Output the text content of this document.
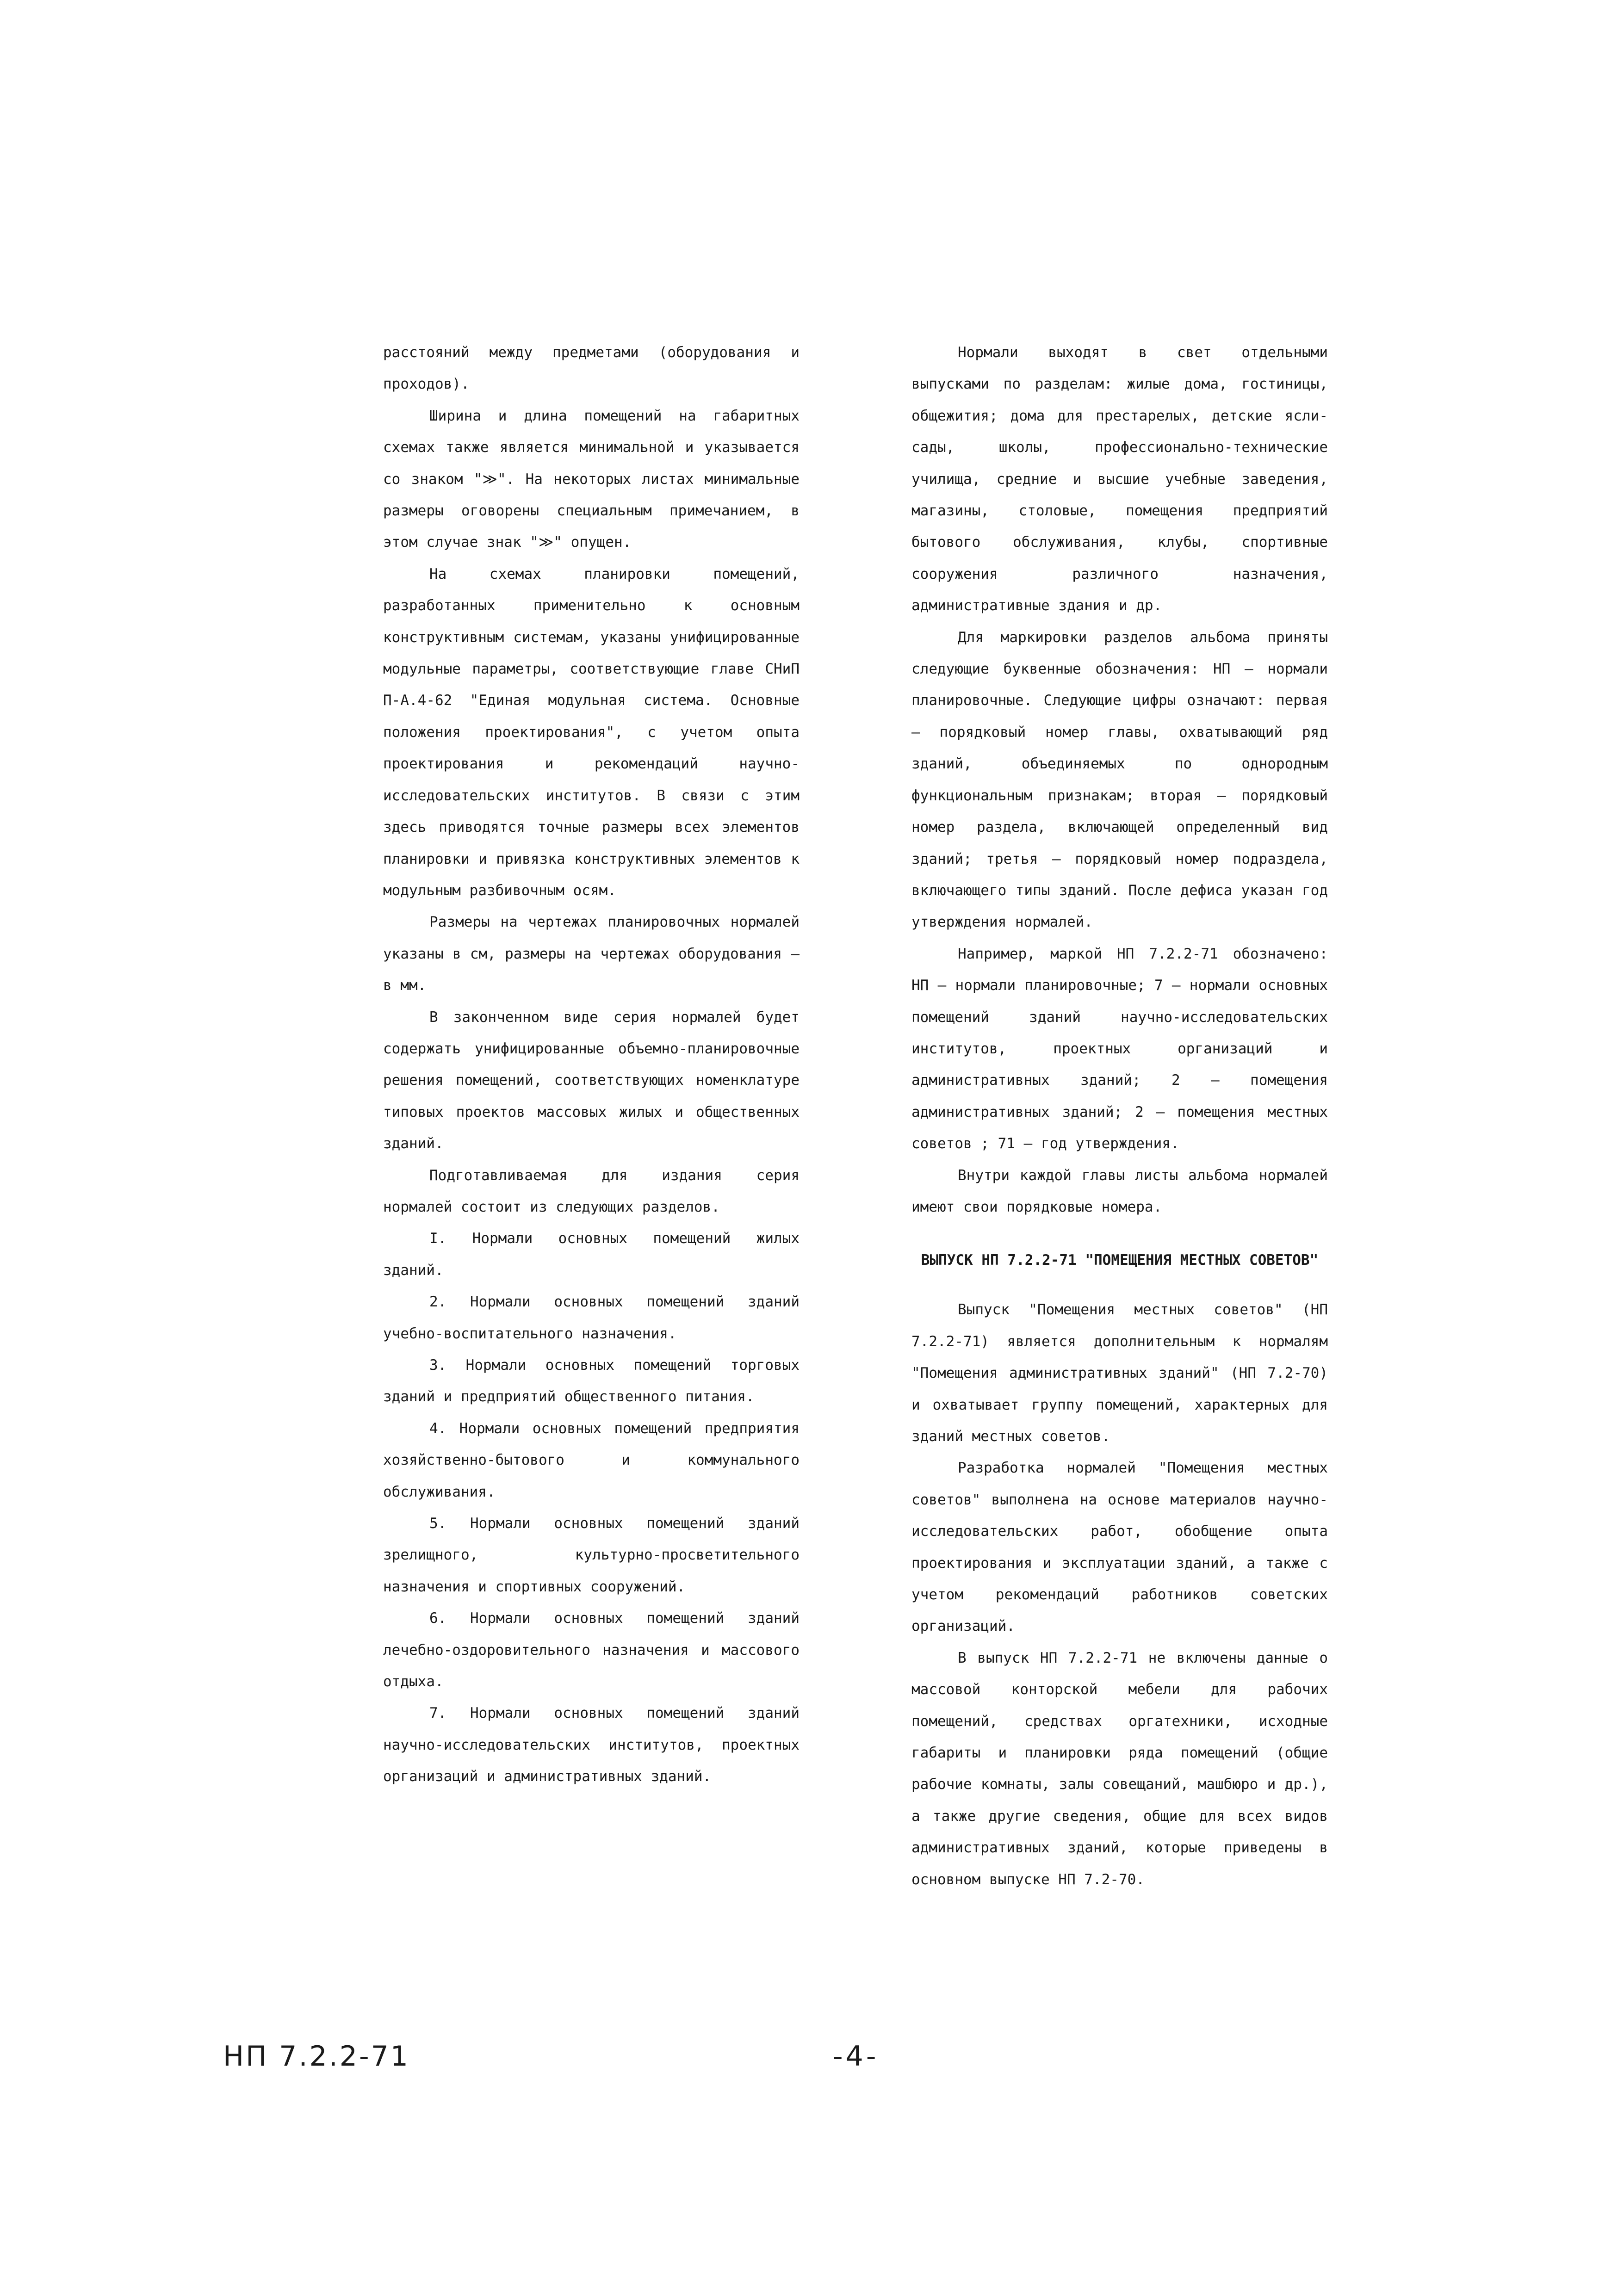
расстояний между предметами (оборудования и проходов).

Ширина и длина помещений на габаритных схемах также является минимальной и указывается со знаком "≫". На некоторых листах минимальные размеры оговорены специальным примечанием, в этом случае знак "≫" опущен.

На схемах планировки помещений, разработанных применительно к основным конструктивным системам, указаны унифицированные модульные параметры, соответствующие главе СНиП П-А.4-62 "Единая модульная система. Основные положения проектирования", с учетом опыта проектирования и рекомендаций научно-исследовательских институтов. В связи с этим здесь приводятся точные размеры всех элементов планировки и привязка конструктивных элементов к модульным разбивочным осям.

Размеры на чертежах планировочных нормалей указаны в см, размеры на чертежах оборудования – в мм.

В законченном виде серия нормалей будет содержать унифицированные объемно-планировочные решения помещений, соответствующих номенклатуре типовых проектов массовых жилых и общественных зданий.

Подготавливаемая для издания серия нормалей состоит из следующих разделов.

I. Нормали основных помещений жилых зданий.

2. Нормали основных помещений зданий учебно-воспитательного назначения.

3. Нормали основных помещений торговых зданий и предприятий общественного питания.

4. Нормали основных помещений предприятия хозяйственно-бытового и коммунального обслуживания.

5. Нормали основных помещений зданий зрелищного, культурно-просветительного назначения и спортивных сооружений.

6. Нормали основных помещений зданий лечебно-оздоровительного назначения и массового отдыха.

7. Нормали основных помещений зданий научно-исследовательских институтов, проектных организаций и административных зданий.

Нормали выходят в свет отдельными выпусками по разделам: жилые дома, гостиницы, общежития; дома для престарелых, детские ясли-сады, школы, профессионально-технические училища, средние и высшие учебные заведения, магазины, столовые, помещения предприятий бытового обслуживания, клубы, спортивные сооружения различного назначения, административные здания и др.

Для маркировки разделов альбома приняты следующие буквенные обозначения: НП – нормали планировочные. Следующие цифры означают: первая – порядковый номер главы, охватывающий ряд зданий, объединяемых по однородным функциональным признакам; вторая – порядковый номер раздела, включающей определенный вид зданий; третья – порядковый номер подраздела, включающего типы зданий. После дефиса указан год утверждения нормалей.

Например, маркой НП 7.2.2-71 обозначено: НП – нормали планировочные; 7 – нормали основных помещений зданий научно-исследовательских институтов, проектных организаций и административных зданий; 2 – помещения административных зданий; 2 – помещения местных советов ; 71 – год утверждения.

Внутри каждой главы листы альбома нормалей имеют свои порядковые номера.

ВЫПУСК НП 7.2.2-71 "ПОМЕЩЕНИЯ МЕСТНЫХ СОВЕТОВ"

Выпуск "Помещения местных советов" (НП 7.2.2-71) является дополнительным к нормалям "Помещения административных зданий" (НП 7.2-70) и охватывает группу помещений, характерных для зданий местных советов.

Разработка нормалей "Помещения местных советов" выполнена на основе материалов научно-исследовательских работ, обобщение опыта проектирования и эксплуатации зданий, а также с учетом рекомендаций работников советских организаций.

В выпуск НП 7.2.2-71 не включены данные о массовой конторской мебели для рабочих помещений, средствах оргатехники, исходные габариты и планировки ряда помещений (общие рабочие комнаты, залы совещаний, машбюро и др.), а также другие сведения, общие для всех видов административных зданий, которые приведены в основном выпуске НП 7.2-70.

НП 7.2.2-71	-4-
